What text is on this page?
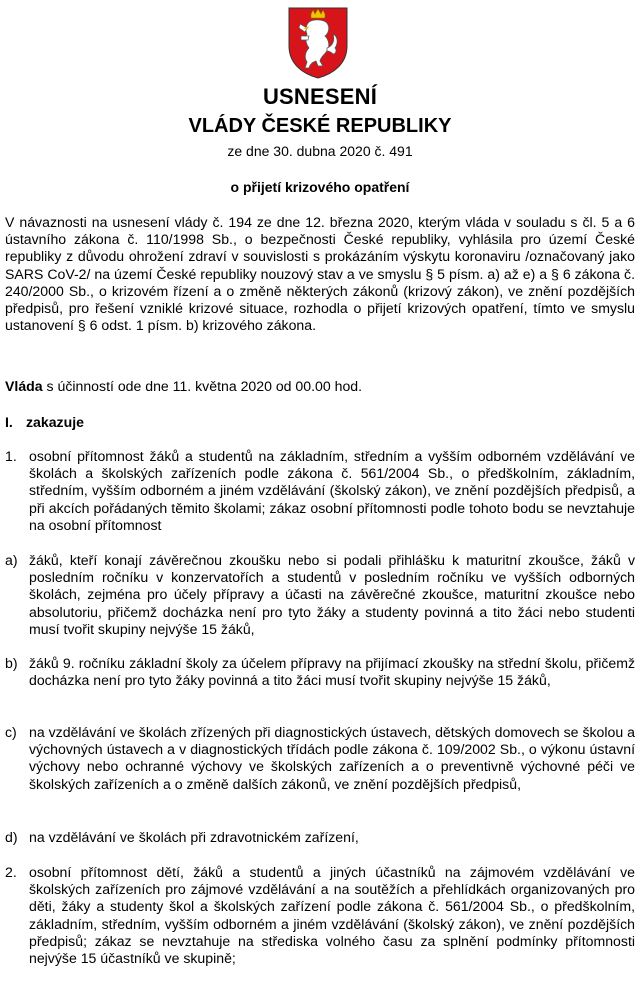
USNESENÍ
VLÁDY ČESKÉ REPUBLIKY
ze dne 30. dubna 2020 č. 491
o přijetí krizového opatření

V návaznosti na usnesení vlády č. 194 ze dne 12. března 2020, kterým vláda v souladu s čl. 5 a 6 ústavního zákona č. 110/1998 Sb., o bezpečnosti České republiky, vyhlásila pro území České republiky z důvodu ohrožení zdraví v souvislosti s prokázáním výskytu koronaviru /označovaný jako SARS CoV-2/ na území České republiky nouzový stav a ve smyslu § 5 písm. a) až e) a § 6 zákona č. 240/2000 Sb., o krizovém řízení a o změně některých zákonů (krizový zákon), ve znění pozdějších předpisů, pro řešení vzniklé krizové situace, rozhodla o přijetí krizových opatření, tímto ve smyslu ustanovení § 6 odst. 1 písm. b) krizového zákona.

Vláda s účinností ode dne 11. května 2020 od 00.00 hod.

I. zakazuje
1. osobní přítomnost žáků a studentů na základním, středním a vyšším odborném vzdělávání ve školách a školských zařízeních podle zákona č. 561/2004 Sb., o předškolním, základním, středním, vyšším odborném a jiném vzdělávání (školský zákon), ve znění pozdějších předpisů, a při akcích pořádaných těmito školami; zákaz osobní přítomnosti podle tohoto bodu se nevztahuje na osobní přítomnost
a) žáků, kteří konají závěrečnou zkoušku nebo si podali přihlášku k maturitní zkoušce, žáků v posledním ročníku v konzervatořích a studentů v posledním ročníku ve vyšších odborných školách, zejména pro účely přípravy a účasti na závěrečné zkoušce, maturitní zkoušce nebo absolutoriu, přičemž docházka není pro tyto žáky a studenty povinná a tito žáci nebo studenti musí tvořit skupiny nejvýše 15 žáků,
b) žáků 9. ročníku základní školy za účelem přípravy na přijímací zkoušky na střední školu, přičemž docházka není pro tyto žáky povinná a tito žáci musí tvořit skupiny nejvýše 15 žáků,
c) na vzdělávání ve školách zřízených při diagnostických ústavech, dětských domovech se školou a výchovných ústavech a v diagnostických třídách podle zákona č. 109/2002 Sb., o výkonu ústavní výchovy nebo ochranné výchovy ve školských zařízeních a o preventivně výchovné péči ve školských zařízeních a o změně dalších zákonů, ve znění pozdějších předpisů,
d) na vzdělávání ve školách při zdravotnickém zařízení,
2. osobní přítomnost dětí, žáků a studentů a jiných účastníků na zájmovém vzdělávání ve školských zařízeních pro zájmové vzdělávání a na soutěžích a přehlídkách organizovaných pro děti, žáky a studenty škol a školských zařízení podle zákona č. 561/2004 Sb., o předškolním, základním, středním, vyšším odborném a jiném vzdělávání (školský zákon), ve znění pozdějších předpisů; zákaz se nevztahuje na střediska volného času za splnění podmínky přítomnosti nejvýše 15 účastníků ve skupině;
